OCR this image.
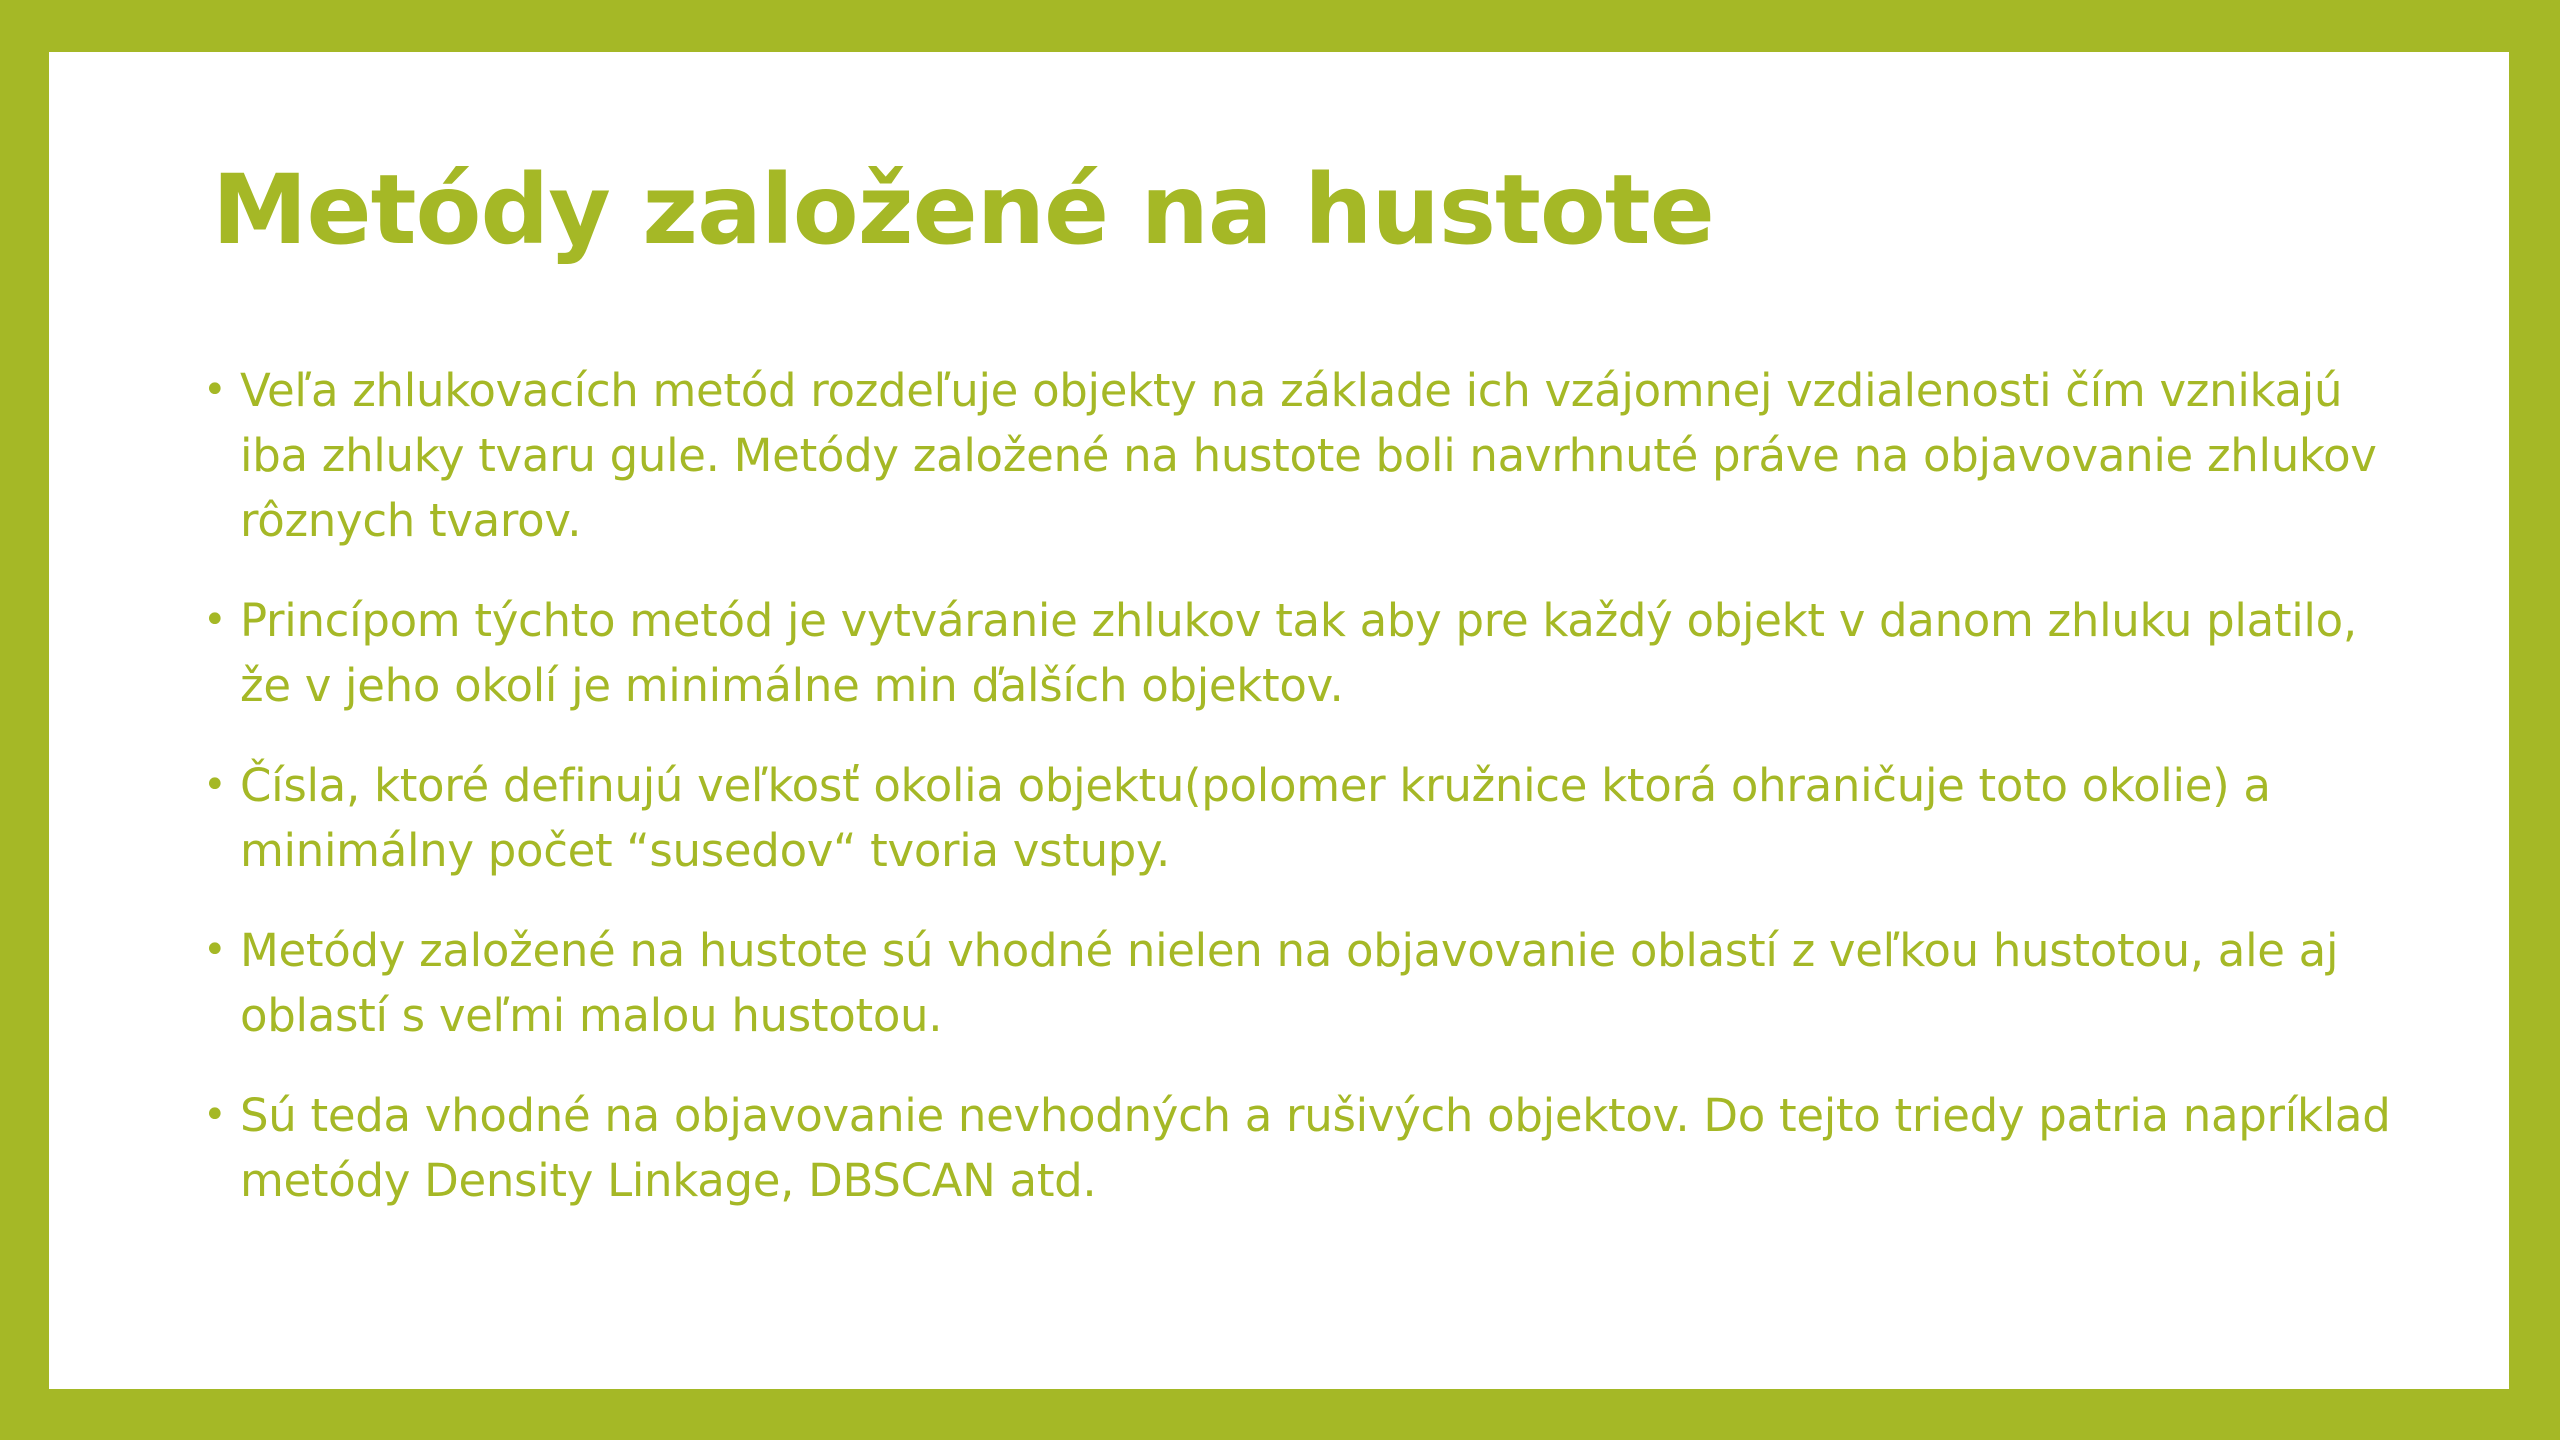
Metódy založené na hustote
• Veľa zhlukovacích metód rozdeľuje objekty na základe ich vzájomnej vzdialenosti čím vznikajú iba zhluky tvaru gule. Metódy založené na hustote boli navrhnuté práve na objavovanie zhlukov rôznych tvarov.
• Princípom týchto metód je vytváranie zhlukov tak aby pre každý objekt v danom zhluku platilo, že v jeho okolí je minimálne min ďalších objektov.
• Čísla, ktoré definujú veľkosť okolia objektu(polomer kružnice ktorá ohraničuje toto okolie) a minimálny počet “susedov“ tvoria vstupy.
• Metódy založené na hustote sú vhodné nielen na objavovanie oblastí z veľkou hustotou, ale aj oblastí s veľmi malou hustotou.
• Sú teda vhodné na objavovanie nevhodných a rušivých objektov. Do tejto triedy patria napríklad metódy Density Linkage, DBSCAN atd.
